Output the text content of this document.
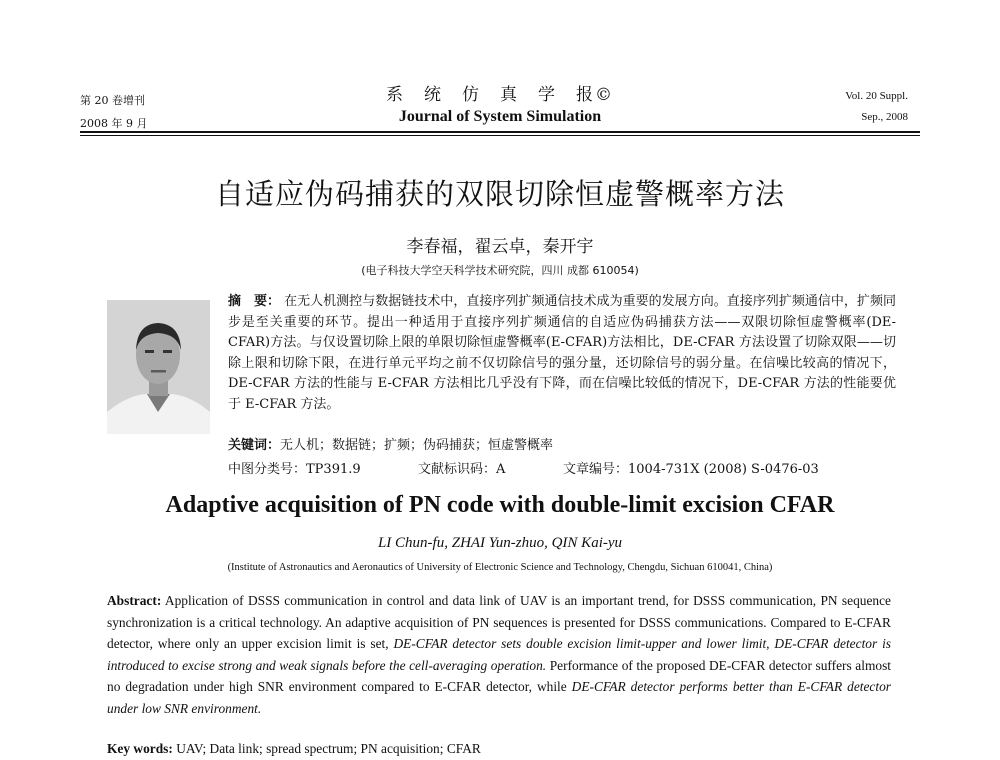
第 20 卷增刊
2008 年 9 月
系　统　仿　真　学　报©
Journal of System Simulation
Vol. 20 Suppl.
Sep., 2008
自适应伪码捕获的双限切除恒虚警概率方法
李春福，翟云卓，秦开宇
(电子科技大学空天科学技术研究院，四川 成都 610054)
摘　要： 在无人机测控与数据链技术中，直接序列扩频通信技术成为重要的发展方向。直接序列扩频通信中，扩频同步是至关重要的环节。提出一种适用于直接序列扩频通信的自适应伪码捕获方法——双限切除恒虚警概率(DE-CFAR)方法。与仅设置切除上限的单限切除恒虚警概率(E-CFAR)方法相比，DE-CFAR 方法设置了切除双限——切除上限和切除下限，在进行单元平均之前不仅切除信号的强分量，还切除信号的弱分量。在信噪比较高的情况下，DE-CFAR 方法的性能与 E-CFAR 方法相比几乎没有下降，而在信噪比较低的情况下，DE-CFAR 方法的性能要优于 E-CFAR 方法。
关键词：无人机；数据链；扩频；伪码捕获；恒虚警概率
中图分类号：TP391.9	文献标识码：A	文章编号：1004-731X (2008) S-0476-03
Adaptive acquisition of PN code with double-limit excision CFAR
LI Chun-fu, ZHAI Yun-zhuo, QIN Kai-yu
(Institute of Astronautics and Aeronautics of University of Electronic Science and Technology, Chengdu, Sichuan 610041, China)
Abstract: Application of DSSS communication in control and data link of UAV is an important trend, for DSSS communication, PN sequence synchronization is a critical technology. An adaptive acquisition of PN sequences is presented for DSSS communications. Compared to E-CFAR detector, where only an upper excision limit is set, DE-CFAR detector sets double excision limit-upper and lower limit, DE-CFAR detector is introduced to excise strong and weak signals before the cell-averaging operation. Performance of the proposed DE-CFAR detector suffers almost no degradation under high SNR environment compared to E-CFAR detector, while DE-CFAR detector performs better than E-CFAR detector under low SNR environment.
Key words: UAV; Data link; spread spectrum; PN acquisition; CFAR
